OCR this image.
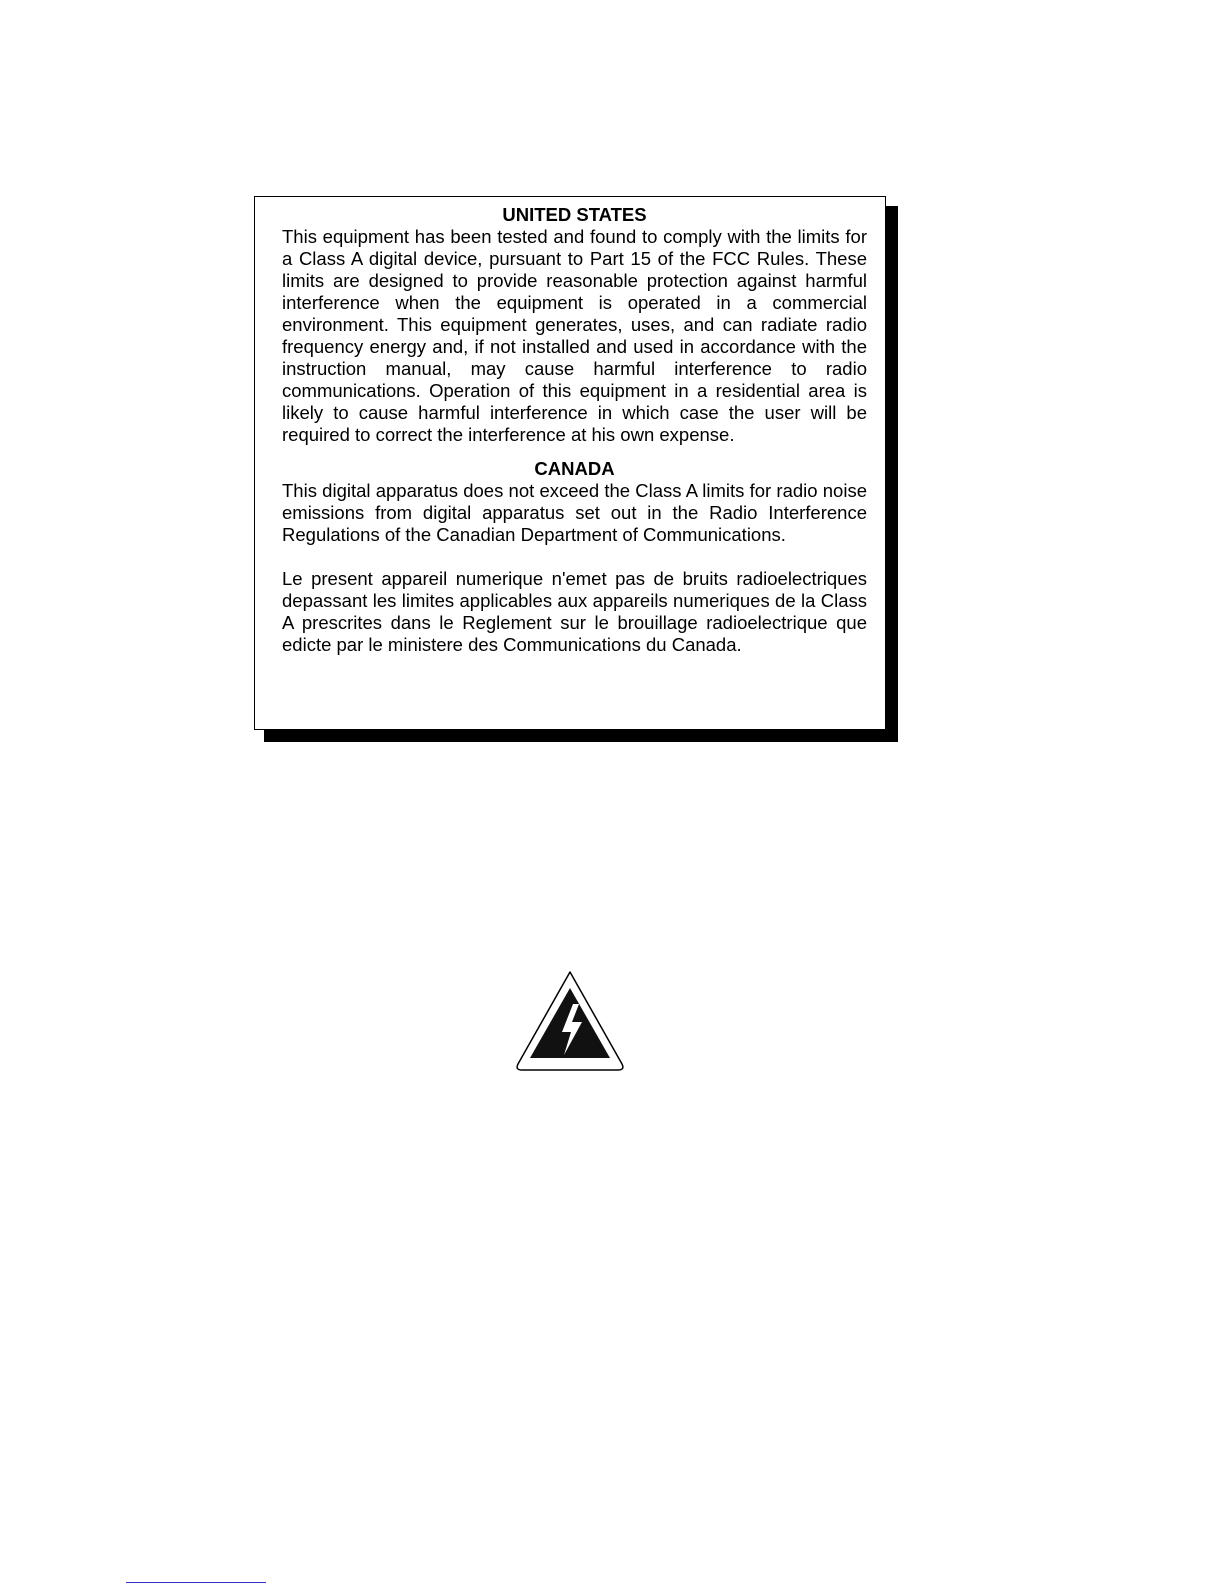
UNITED STATES

This equipment has been tested and found to comply with the limits for a Class A digital device, pursuant to Part 15 of the FCC Rules. These limits are designed to provide reasonable protection against harmful interference when the equipment is operated in a commercial environment. This equipment generates, uses, and can radiate radio frequency energy and, if not installed and used in accordance with the instruction manual, may cause harmful interference to radio communications. Operation of this equipment in a residential area is likely to cause harmful interference in which case the user will be required to correct the interference at his own expense.

CANADA

This digital apparatus does not exceed the Class A limits for radio noise emissions from digital apparatus set out in the Radio Interference Regulations of the Canadian Department of Communications.

Le present appareil numerique n'emet pas de bruits radioelectriques depassant les limites applicables aux appareils numeriques de la Class A prescrites dans le Reglement sur le brouillage radioelectrique que edicte par le ministere des Communications du Canada.
